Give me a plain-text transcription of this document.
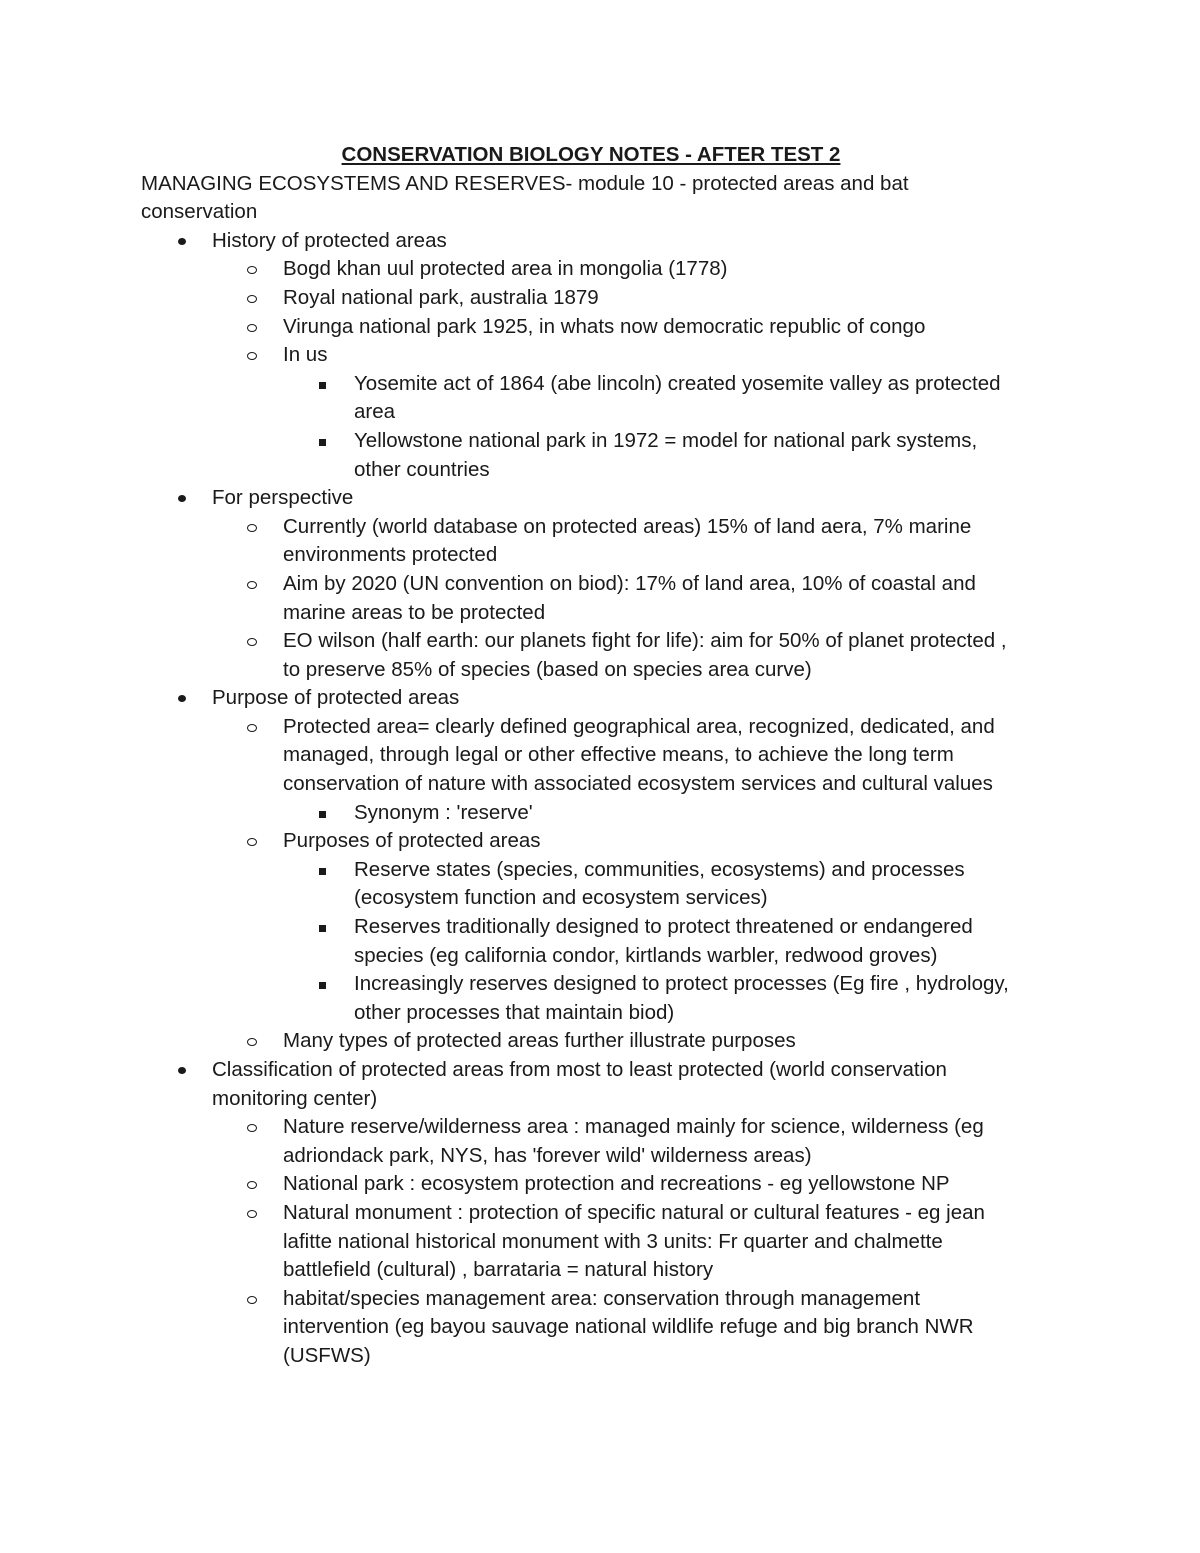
CONSERVATION BIOLOGY NOTES - AFTER TEST 2

MANAGING ECOSYSTEMS AND RESERVES- module 10 - protected areas and bat conservation

History of protected areas
Bogd khan uul protected area in mongolia (1778)
Royal national park, australia 1879
Virunga national park 1925, in whats now democratic republic of congo
In us
Yosemite act of 1864 (abe lincoln) created yosemite valley as protected area
Yellowstone national park in 1972 = model for national park systems, other countries
For perspective
Currently (world database on protected areas) 15% of land aera, 7% marine environments protected
Aim by 2020 (UN convention on biod): 17% of land area, 10% of coastal and marine areas to be protected
EO wilson (half earth: our planets fight for life): aim for 50% of planet protected , to preserve 85% of species (based on species area curve)
Purpose of protected areas
Protected area= clearly defined geographical area, recognized, dedicated, and managed, through legal or other effective means, to achieve the long term conservation of nature with associated ecosystem services and cultural values
Synonym : 'reserve'
Purposes of protected areas
Reserve states (species, communities, ecosystems) and processes (ecosystem function and ecosystem services)
Reserves traditionally designed to protect threatened or endangered species (eg california condor, kirtlands warbler, redwood groves)
Increasingly reserves designed to protect processes (Eg fire , hydrology, other processes that maintain biod)
Many types of protected areas further illustrate purposes
Classification of protected areas from most to least protected (world conservation monitoring center)
Nature reserve/wilderness area : managed mainly for science, wilderness (eg adriondack park, NYS, has 'forever wild' wilderness areas)
National park : ecosystem protection and recreations - eg yellowstone NP
Natural monument : protection of specific natural or cultural features - eg jean lafitte national historical monument with 3 units: Fr quarter and chalmette battlefield (cultural) , barrataria = natural history
habitat/species management area: conservation through management intervention (eg bayou sauvage national wildlife refuge and big branch NWR (USFWS)
